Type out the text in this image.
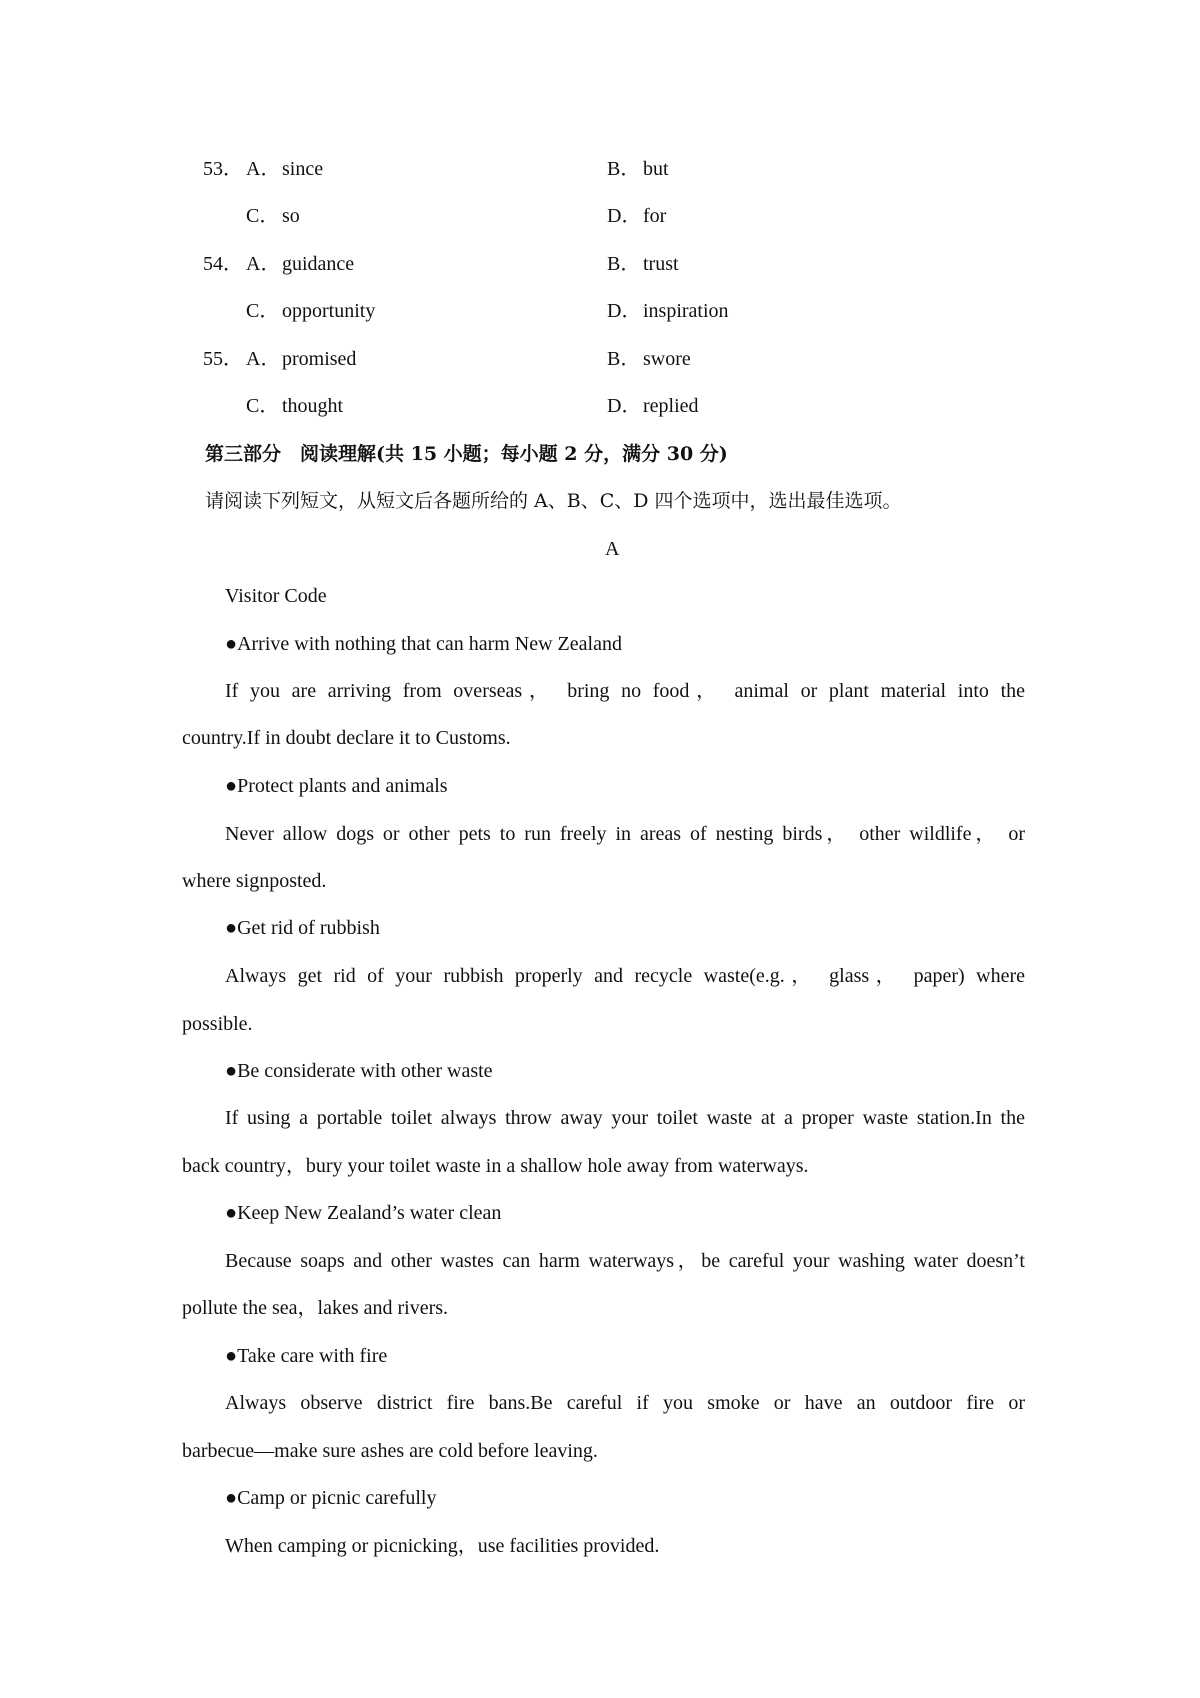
53． A． since	B． but
C． so	D． for
54． A． guidance	B． trust
C． opportunity	D． inspiration
55． A． promised	B． swore
C． thought	D． replied
第三部分　阅读理解(共 15 小题；每小题 2 分，满分 30 分)
请阅读下列短文，从短文后各题所给的 A、B、C、D 四个选项中，选出最佳选项。
A
Visitor Code
●Arrive with nothing that can harm New Zealand
If you are arriving from overseas， bring no food， animal or plant material into the
country.If in doubt declare it to Customs.
●Protect plants and animals
Never allow dogs or other pets to run freely in areas of nesting birds， other wildlife， or
where signposted.
●Get rid of rubbish
Always get rid of your rubbish properly and recycle waste(e.g.， glass， paper) where
possible.
●Be considerate with other waste
If using a portable toilet always throw away your toilet waste at a proper waste station.In the
back country，bury your toilet waste in a shallow hole away from waterways.
●Keep New Zealand’s water clean
Because soaps and other wastes can harm waterways，be careful your washing water doesn’t
pollute the sea，lakes and rivers.
●Take care with fire
Always observe district fire bans.Be careful if you smoke or have an outdoor fire or
barbecue—make sure ashes are cold before leaving.
●Camp or picnic carefully
When camping or picnicking，use facilities provided.
